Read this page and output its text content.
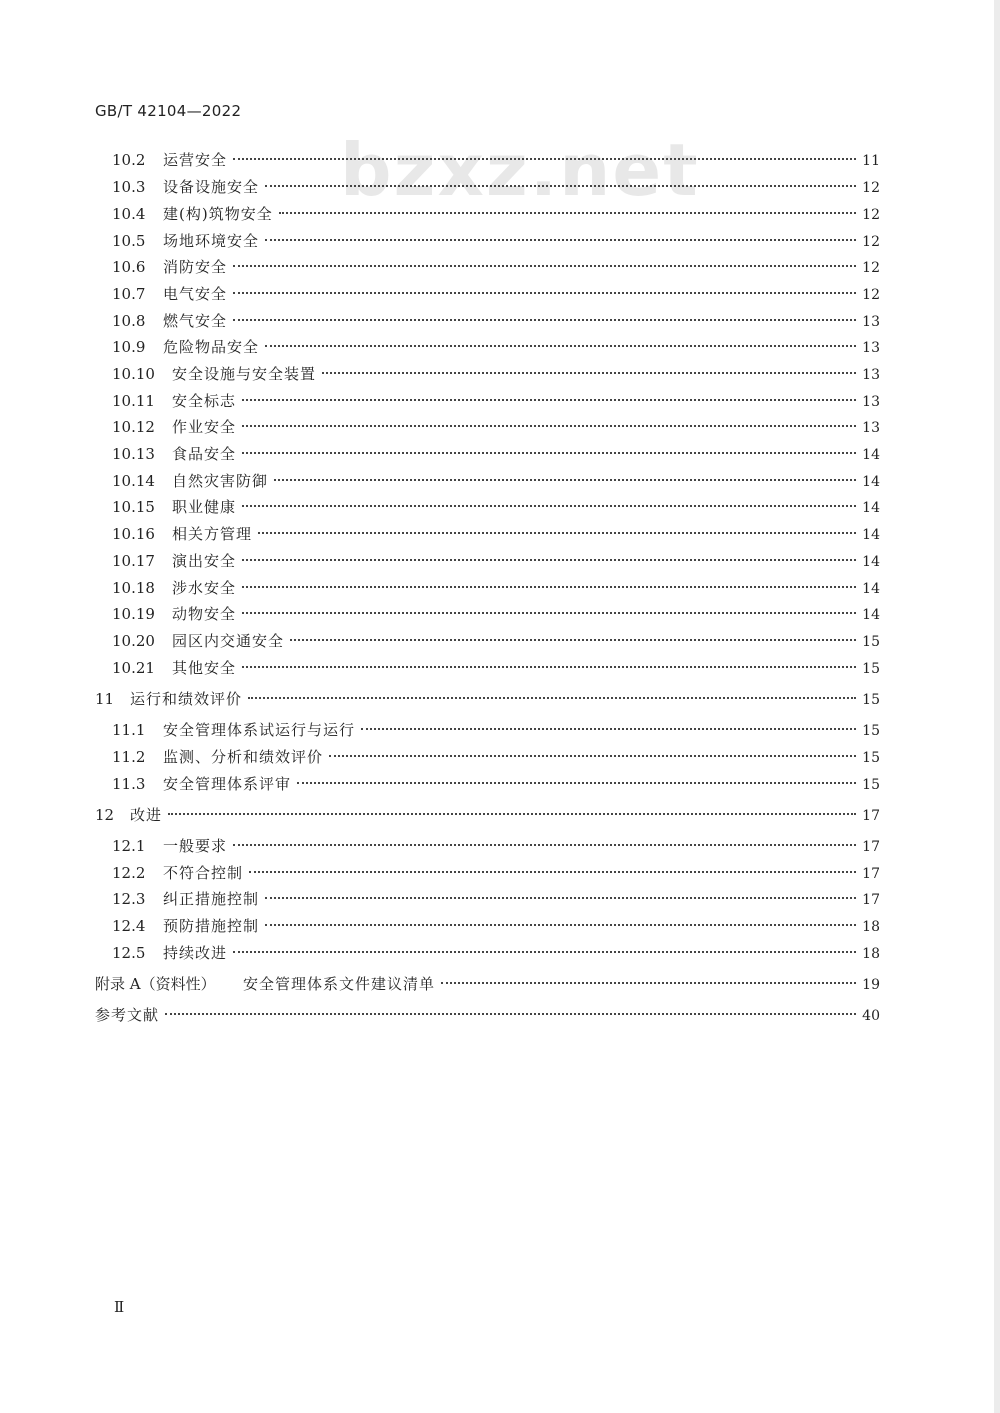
GB/T 42104—2022
bzxz.net
10.2	运营安全	11
10.3	设备设施安全	12
10.4	建(构)筑物安全	12
10.5	场地环境安全	12
10.6	消防安全	12
10.7	电气安全	12
10.8	燃气安全	13
10.9	危险物品安全	13
10.10	安全设施与安全装置	13
10.11	安全标志	13
10.12	作业安全	13
10.13	食品安全	14
10.14	自然灾害防御	14
10.15	职业健康	14
10.16	相关方管理	14
10.17	演出安全	14
10.18	涉水安全	14
10.19	动物安全	14
10.20	园区内交通安全	15
10.21	其他安全	15
11	运行和绩效评价	15
11.1	安全管理体系试运行与运行	15
11.2	监测、分析和绩效评价	15
11.3	安全管理体系评审	15
12	改进	17
12.1	一般要求	17
12.2	不符合控制	17
12.3	纠正措施控制	17
12.4	预防措施控制	18
12.5	持续改进	18
附录 A（资料性）	安全管理体系文件建议清单	19
参考文献	40
Ⅱ
